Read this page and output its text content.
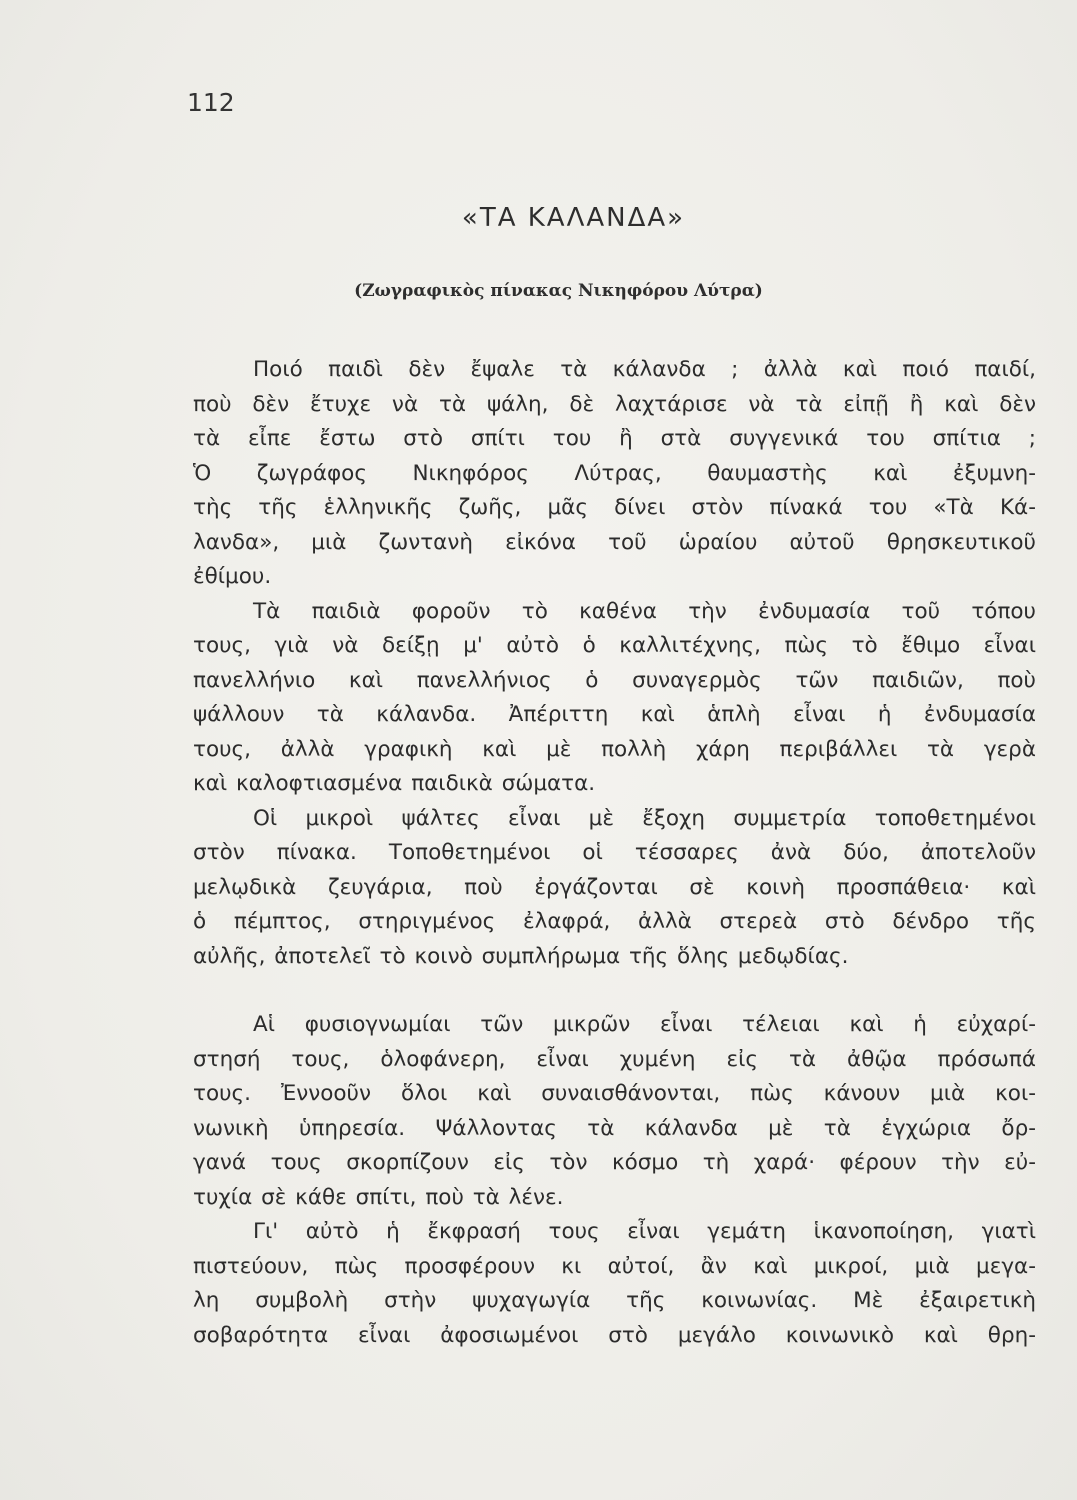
112
«ΤΑ ΚΑΛΑΝΔΑ»
(Ζωγραφικὸς πίνακας Νικηφόρου Λύτρα)
Ποιό παιδὶ δὲν ἔψαλε τὰ κάλανδα ; ἀλλὰ καὶ ποιό παιδί,
ποὺ δὲν ἔτυχε νὰ τὰ ψάλη, δὲ λαχτάρισε νὰ τὰ εἰπῇ ἢ καὶ δὲν
τὰ εἶπε ἔστω στὸ σπίτι του ἢ στὰ συγγενικά του σπίτια ;
Ὁ ζωγράφος Νικηφόρος Λύτρας, θαυμαστὴς καὶ ἐξυμνη-
τὴς τῆς ἑλληνικῆς ζωῆς, μᾶς δίνει στὸν πίνακά του «Τὰ Κά-
λανδα», μιὰ ζωντανὴ εἰκόνα τοῦ ὡραίου αὐτοῦ θρησκευτικοῦ
ἐθίμου.
Τὰ παιδιὰ φοροῦν τὸ καθένα τὴν ἐνδυμασία τοῦ τόπου
τους, γιὰ νὰ δείξῃ μ' αὐτὸ ὁ καλλιτέχνης, πὼς τὸ ἔθιμο εἶναι
πανελλήνιο καὶ πανελλήνιος ὁ συναγερμὸς τῶν παιδιῶν, ποὺ
ψάλλουν τὰ κάλανδα. Ἀπέριττη καὶ ἁπλὴ εἶναι ἡ ἐνδυμασία
τους, ἀλλὰ γραφικὴ καὶ μὲ πολλὴ χάρη περιβάλλει τὰ γερὰ
καὶ καλοφτιασμένα παιδικὰ σώματα.
Οἱ μικροὶ ψάλτες εἶναι μὲ ἔξοχη συμμετρία τοποθετημένοι
στὸν πίνακα. Τοποθετημένοι οἱ τέσσαρες ἀνὰ δύο, ἀποτελοῦν
μελῳδικὰ ζευγάρια, ποὺ ἐργάζονται σὲ κοινὴ προσπάθεια· καὶ
ὁ πέμπτος, στηριγμένος ἐλαφρά, ἀλλὰ στερεὰ στὸ δένδρο τῆς
αὐλῆς, ἀποτελεῖ τὸ κοινὸ συμπλήρωμα τῆς ὅλης μεδῳδίας.
Αἱ φυσιογνωμίαι τῶν μικρῶν εἶναι τέλειαι καὶ ἡ εὐχαρί-
στησή τους, ὁλοφάνερη, εἶναι χυμένη εἰς τὰ ἀθῷα πρόσωπά
τους. Ἐννοοῦν ὅλοι καὶ συναισθάνονται, πὼς κάνουν μιὰ κοι-
νωνικὴ ὑπηρεσία. Ψάλλοντας τὰ κάλανδα μὲ τὰ ἐγχώρια ὄρ-
γανά τους σκορπίζουν εἰς τὸν κόσμο τὴ χαρά· φέρουν τὴν εὐ-
τυχία σὲ κάθε σπίτι, ποὺ τὰ λένε.
Γι' αὐτὸ ἡ ἔκφρασή τους εἶναι γεμάτη ἱκανοποίηση, γιατὶ
πιστεύουν, πὼς προσφέρουν κι αὐτοί, ἂν καὶ μικροί, μιὰ μεγα-
λη συμβολὴ στὴν ψυχαγωγία τῆς κοινωνίας. Μὲ ἐξαιρετικὴ
σοβαρότητα εἶναι ἀφοσιωμένοι στὸ μεγάλο κοινωνικὸ καὶ θρη-
